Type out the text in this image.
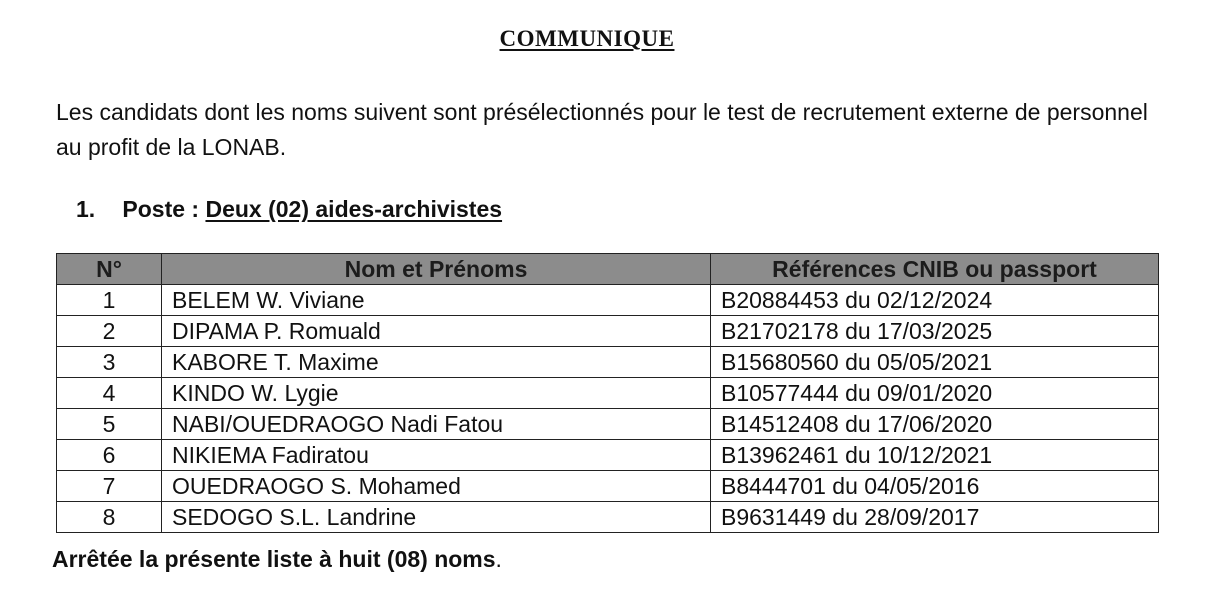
COMMUNIQUE
Les candidats dont les noms suivent sont présélectionnés pour le test de recrutement externe de personnel au profit de la LONAB.
1. Poste : Deux (02) aides-archivistes
N°	Nom et Prénoms	Références CNIB ou passport
1	BELEM W. Viviane	B20884453 du 02/12/2024
2	DIPAMA P. Romuald	B21702178 du 17/03/2025
3	KABORE T. Maxime	B15680560 du 05/05/2021
4	KINDO W. Lygie	B10577444 du 09/01/2020
5	NABI/OUEDRAOGO Nadi Fatou	B14512408 du 17/06/2020
6	NIKIEMA Fadiratou	B13962461 du 10/12/2021
7	OUEDRAOGO S. Mohamed	B8444701 du 04/05/2016
8	SEDOGO S.L. Landrine	B9631449 du 28/09/2017
Arrêtée la présente liste à huit (08) noms.
